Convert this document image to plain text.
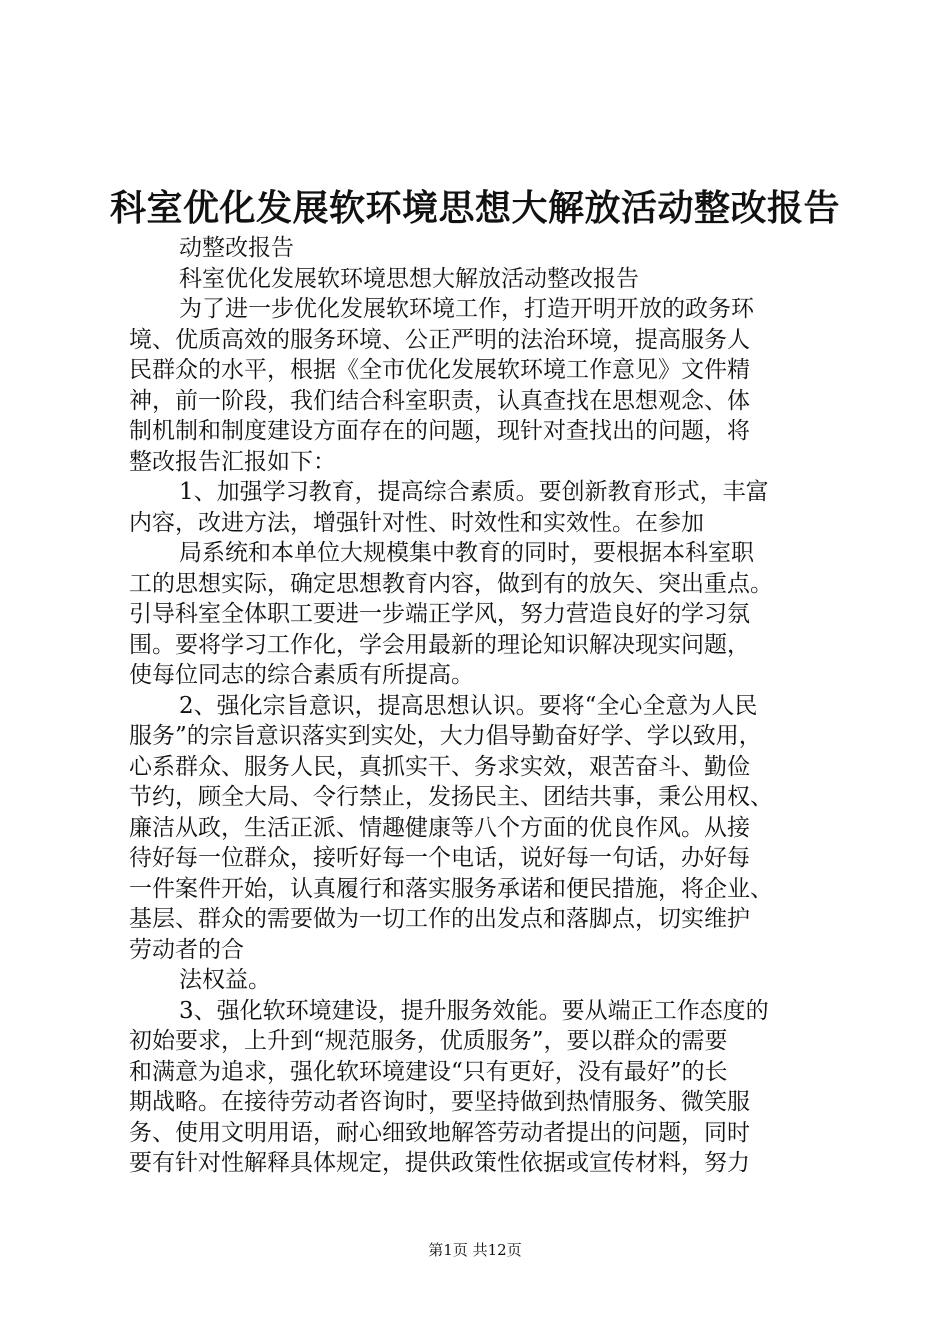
科室优化发展软环境思想大解放活动整改报告
动整改报告
科室优化发展软环境思想大解放活动整改报告
为了进一步优化发展软环境工作，打造开明开放的政务环
境、优质高效的服务环境、公正严明的法治环境，提高服务人
民群众的水平，根据《全市优化发展软环境工作意见》文件精
神，前一阶段，我们结合科室职责，认真查找在思想观念、体
制机制和制度建设方面存在的问题，现针对查找出的问题，将
整改报告汇报如下：
1、加强学习教育，提高综合素质。要创新教育形式，丰富
内容，改进方法，增强针对性、时效性和实效性。在参加
局系统和本单位大规模集中教育的同时，要根据本科室职
工的思想实际，确定思想教育内容，做到有的放矢、突出重点。
引导科室全体职工要进一步端正学风，努力营造良好的学习氛
围。要将学习工作化，学会用最新的理论知识解决现实问题，
使每位同志的综合素质有所提高。
2、强化宗旨意识，提高思想认识。要将“全心全意为人民
服务”的宗旨意识落实到实处，大力倡导勤奋好学、学以致用，
心系群众、服务人民，真抓实干、务求实效，艰苦奋斗、勤俭
节约，顾全大局、令行禁止，发扬民主、团结共事，秉公用权、
廉洁从政，生活正派、情趣健康等八个方面的优良作风。从接
待好每一位群众，接听好每一个电话，说好每一句话，办好每
一件案件开始，认真履行和落实服务承诺和便民措施，将企业、
基层、群众的需要做为一切工作的出发点和落脚点，切实维护
劳动者的合
法权益。
3、强化软环境建设，提升服务效能。要从端正工作态度的
初始要求，上升到“规范服务，优质服务”，要以群众的需要
和满意为追求，强化软环境建设“只有更好，没有最好”的长
期战略。在接待劳动者咨询时，要坚持做到热情服务、微笑服
务、使用文明用语，耐心细致地解答劳动者提出的问题，同时
要有针对性解释具体规定，提供政策性依据或宣传材料，努力
第1页 共12页
